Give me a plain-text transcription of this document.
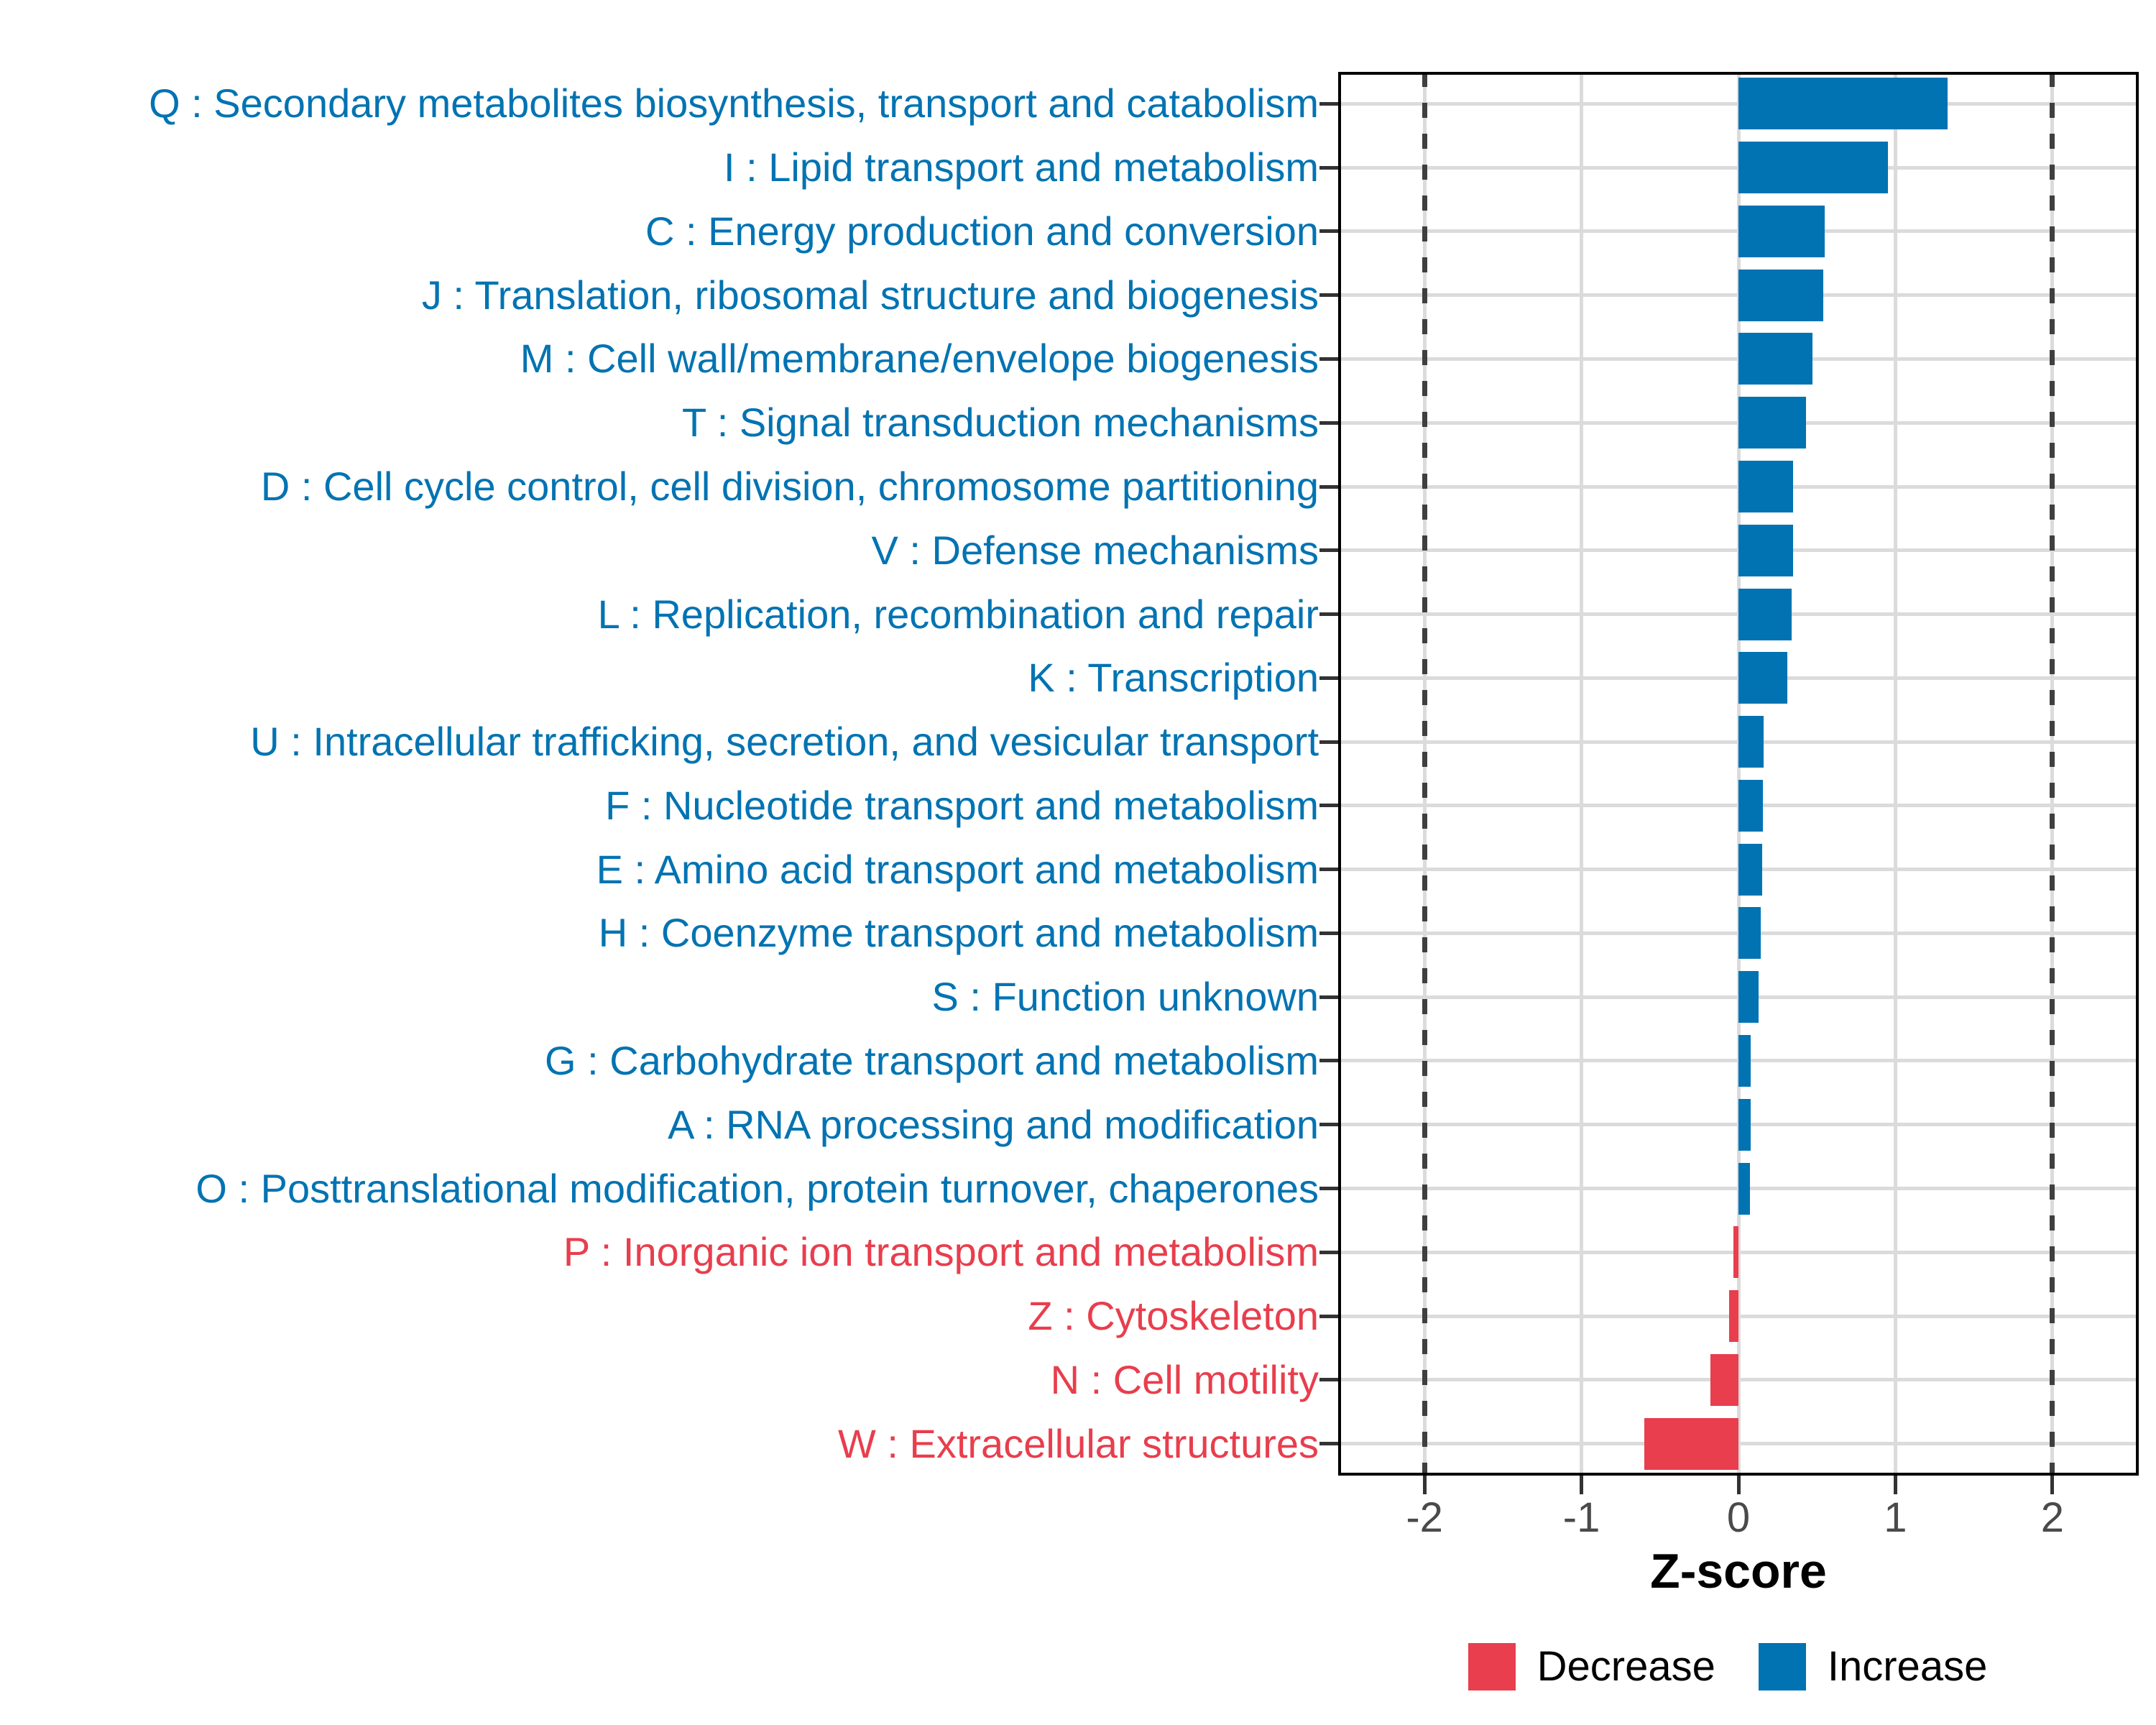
Q : Secondary metabolites biosynthesis, transport and catabolism
I : Lipid transport and metabolism
C : Energy production and conversion
J : Translation, ribosomal structure and biogenesis
M : Cell wall/membrane/envelope biogenesis
T : Signal transduction mechanisms
D : Cell cycle control, cell division, chromosome partitioning
V : Defense mechanisms
L : Replication, recombination and repair
K : Transcription
U : Intracellular trafficking, secretion, and vesicular transport
F : Nucleotide transport and metabolism
E : Amino acid transport and metabolism
H : Coenzyme transport and metabolism
S : Function unknown
G : Carbohydrate transport and metabolism
A : RNA processing and modification
O : Posttranslational modification, protein turnover, chaperones
P : Inorganic ion transport and metabolism
Z : Cytoskeleton
N : Cell motility
W : Extracellular structures
-2	-1	0	1	2
Z-score
Decrease	Increase
